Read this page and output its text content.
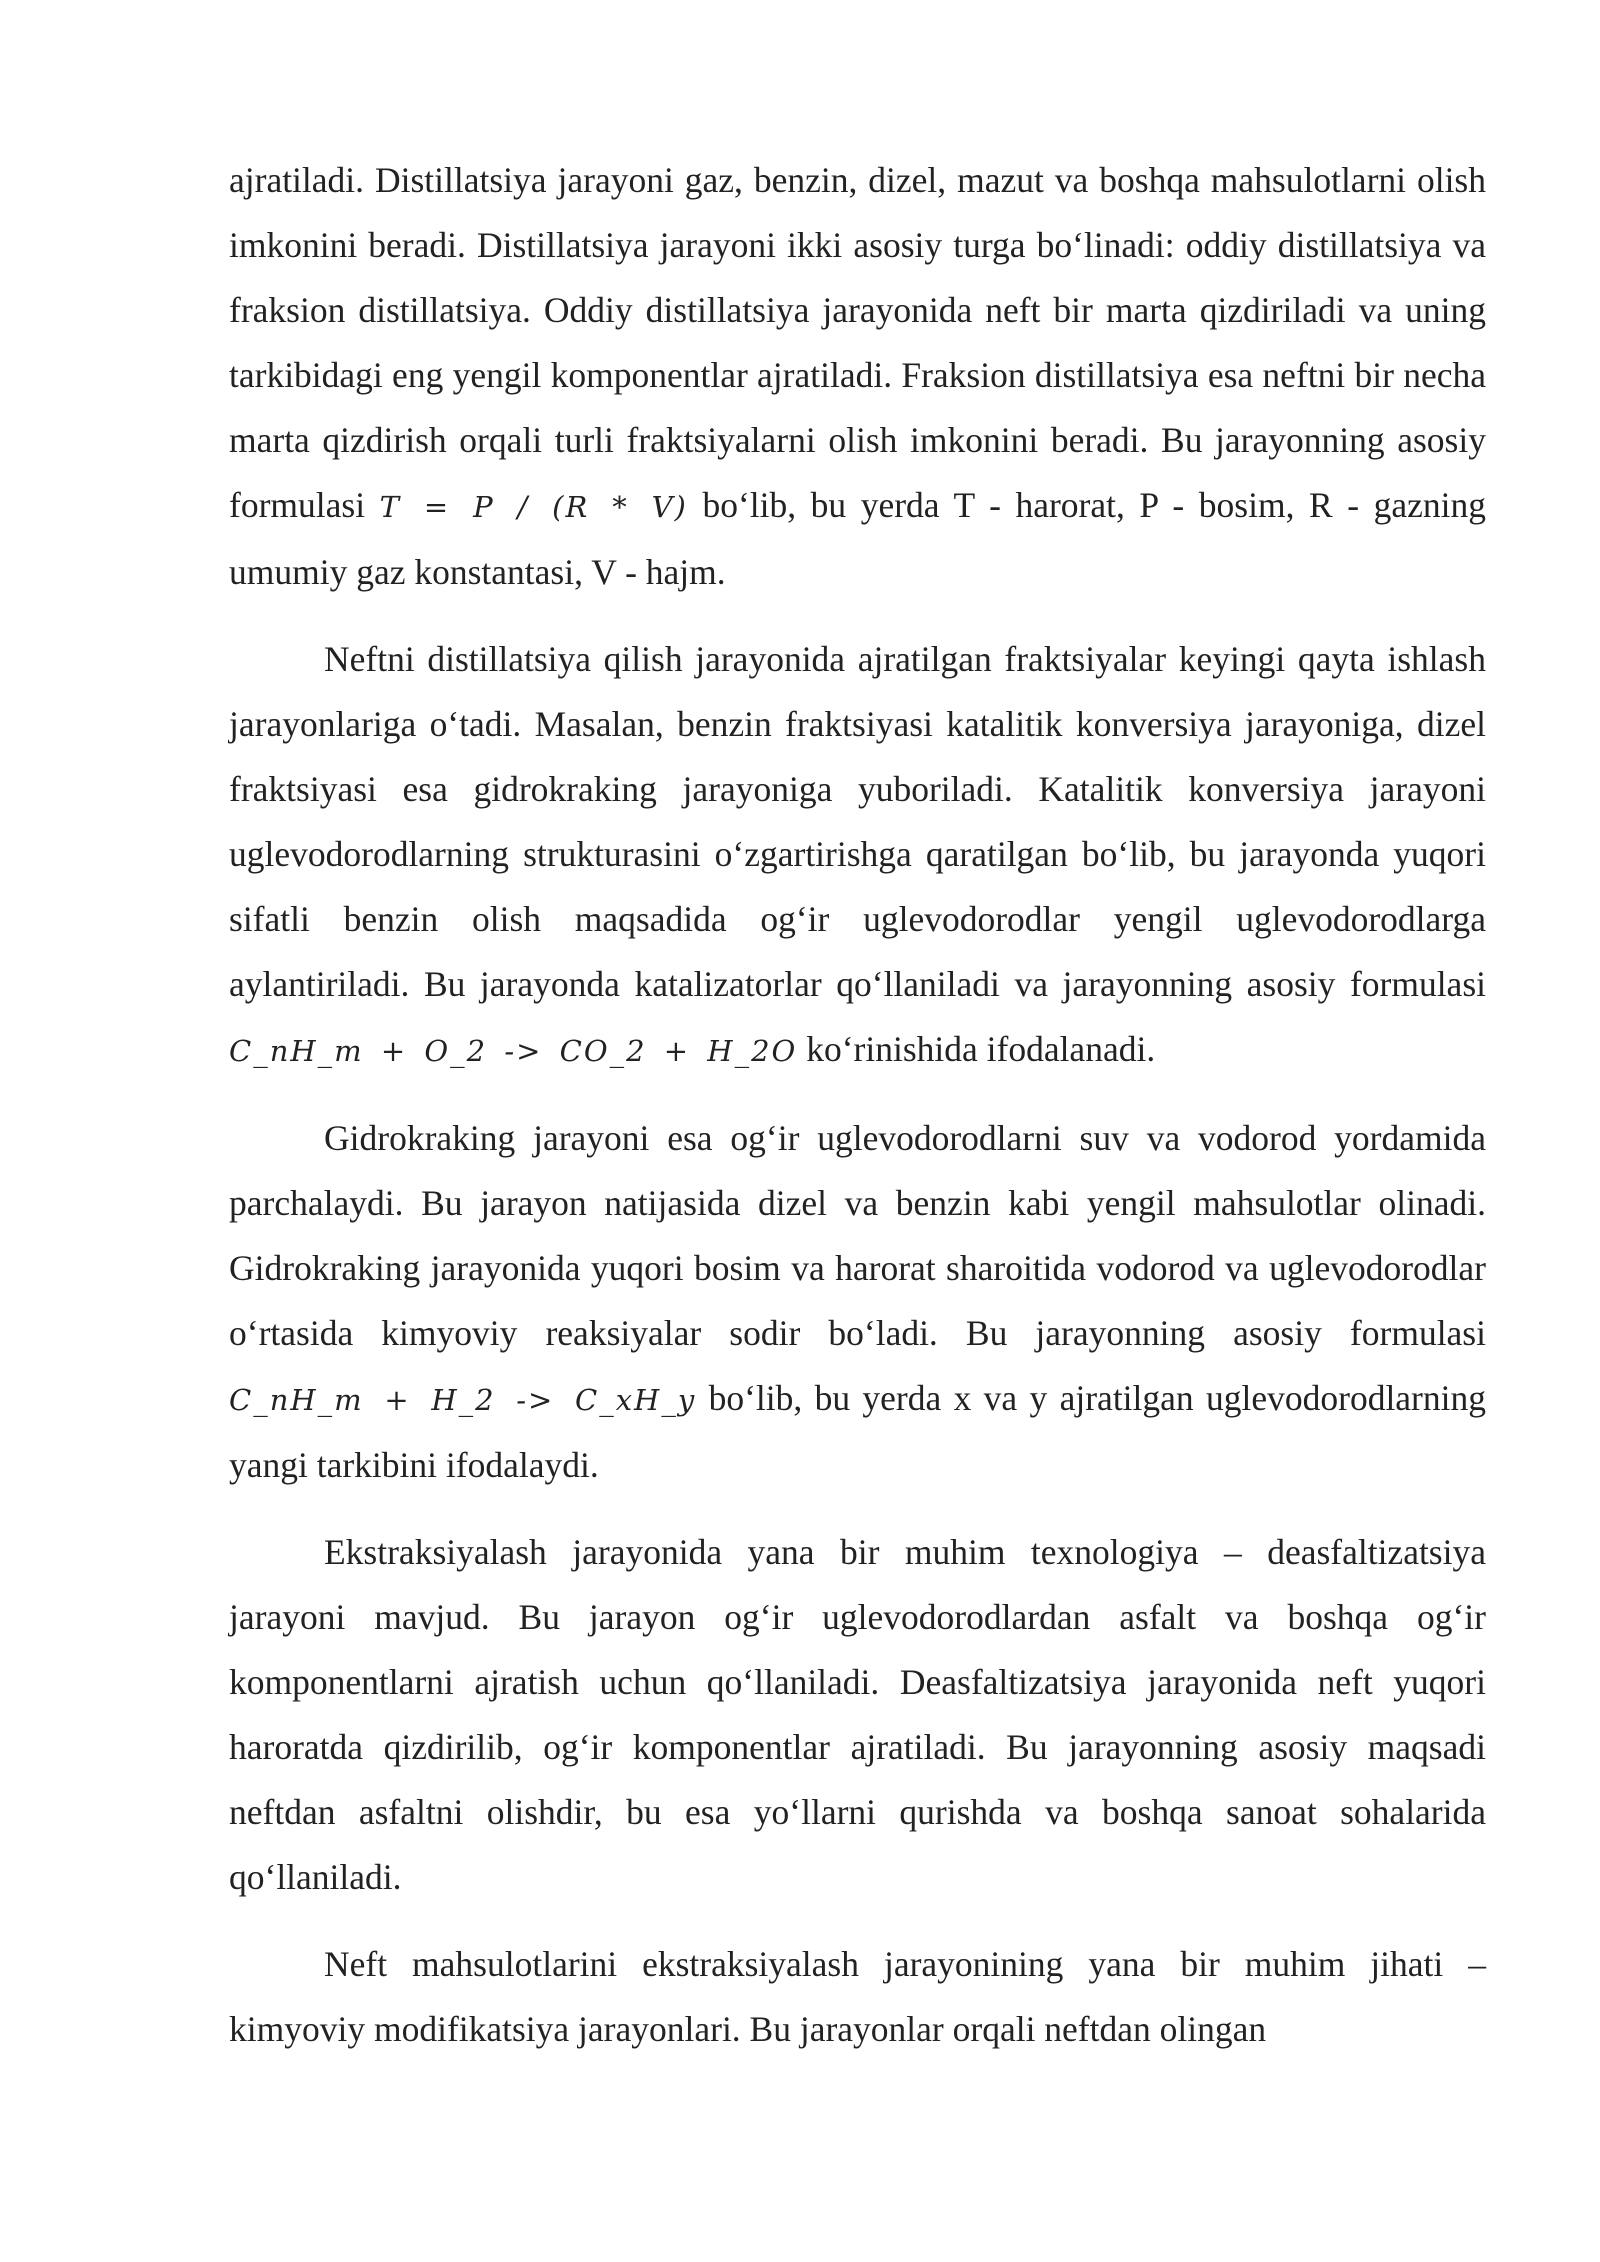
ajratiladi. Distillatsiya jarayoni gaz, benzin, dizel, mazut va boshqa mahsulotlarni olish imkonini beradi. Distillatsiya jarayoni ikki asosiy turga bo‘linadi: oddiy distillatsiya va fraksion distillatsiya. Oddiy distillatsiya jarayonida neft bir marta qizdiriladi va uning tarkibidagi eng yengil komponentlar ajratiladi. Fraksion distillatsiya esa neftni bir necha marta qizdirish orqali turli fraktsiyalarni olish imkonini beradi. Bu jarayonning asosiy formulasi T = P / (R * V) bo‘lib, bu yerda T - harorat, P - bosim, R - gazning umumiy gaz konstantasi, V - hajm.

Neftni distillatsiya qilish jarayonida ajratilgan fraktsiyalar keyingi qayta ishlash jarayonlariga o‘tadi. Masalan, benzin fraktsiyasi katalitik konversiya jarayoniga, dizel fraktsiyasi esa gidrokraking jarayoniga yuboriladi. Katalitik konversiya jarayoni uglevodorodlarning strukturasini o‘zgartirishga qaratilgan bo‘lib, bu jarayonda yuqori sifatli benzin olish maqsadida og‘ir uglevodorodlar yengil uglevodorodlarga aylantiriladi. Bu jarayonda katalizatorlar qo‘llaniladi va jarayonning asosiy formulasi C_nH_m + O_2 -> CO_2 + H_2O ko‘rinishida ifodalanadi.

Gidrokraking jarayoni esa og‘ir uglevodorodlarni suv va vodorod yordamida parchalaydi. Bu jarayon natijasida dizel va benzin kabi yengil mahsulotlar olinadi. Gidrokraking jarayonida yuqori bosim va harorat sharoitida vodorod va uglevodorodlar o‘rtasida kimyoviy reaksiyalar sodir bo‘ladi. Bu jarayonning asosiy formulasi C_nH_m + H_2 -> C_xH_y bo‘lib, bu yerda x va y ajratilgan uglevodorodlarning yangi tarkibini ifodalaydi.

Ekstraksiyalash jarayonida yana bir muhim texnologiya – deasfaltizatsiya jarayoni mavjud. Bu jarayon og‘ir uglevodorodlardan asfalt va boshqa og‘ir komponentlarni ajratish uchun qo‘llaniladi. Deasfaltizatsiya jarayonida neft yuqori haroratda qizdirilib, og‘ir komponentlar ajratiladi. Bu jarayonning asosiy maqsadi neftdan asfaltni olishdir, bu esa yo‘llarni qurishda va boshqa sanoat sohalarida qo‘llaniladi.

Neft mahsulotlarini ekstraksiyalash jarayonining yana bir muhim jihati – kimyoviy modifikatsiya jarayonlari. Bu jarayonlar orqali neftdan olingan
